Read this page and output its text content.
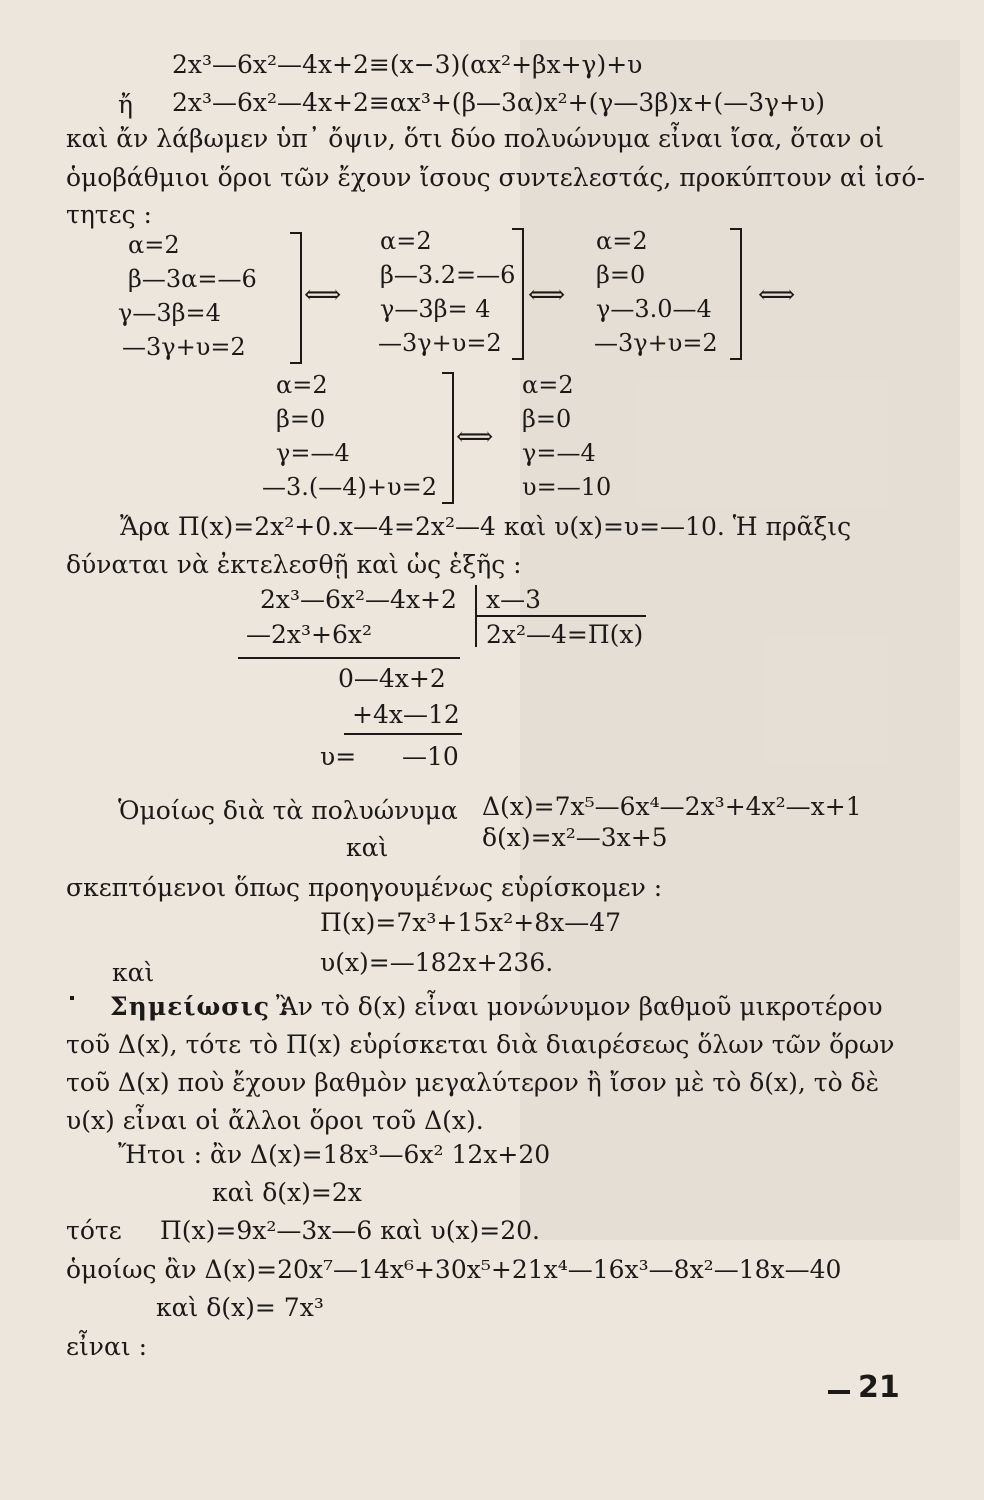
2x³—6x²—4x+2≡(x−3)(αx²+βx+γ)+υ
ἤ 2x³—6x²—4x+2≡αx³+(β—3α)x²+(γ—3β)x+(—3γ+υ)
καὶ ἄν λάβωμεν ὑπ᾽ ὄψιν, ὅτι δύο πολυώνυμα εἶναι ἴσα, ὅταν οἱ
ὁμοβάθμιοι ὅροι τῶν ἔχουν ἴσους συντελεστάς, προκύπτουν αἱ ἰσό-
τητες :
α=2
β—3α=—6
γ—3β=4
—3γ+υ=2
⟺
α=2
β—3.2=—6
γ—3β= 4
—3γ+υ=2
⟺
α=2
β=0
γ—3.0—4
—3γ+υ=2
⟺
α=2
β=0
γ=—4
—3.(—4)+υ=2
⟺
α=2
β=0
γ=—4
υ=—10
Ἄρα Π(x)=2x²+0.x—4=2x²—4 καὶ υ(x)=υ=—10. Ἡ πρᾶξις
δύναται νὰ ἐκτελεσθῇ καὶ ὡς ἑξῆς :
2x³—6x²—4x+2 x—3
—2x³+6x²	2x²—4=Π(x)
0—4x+2
+4x—12
υ= —10
Ὁμοίως διὰ τὰ πολυώνυμα Δ(x)=7x⁵—6x⁴—2x³+4x²—x+1
καὶ	δ(x)=x²—3x+5
σκεπτόμενοι ὅπως προηγουμένως εὑρίσκομεν :
Π(x)=7x³+15x²+8x—47
καὶ	υ(x)=—182x+236.
Σημείωσις :
Ἂν τὸ δ(x) εἶναι μονώνυμον βαθμοῦ μικροτέρου
τοῦ Δ(x), τότε τὸ Π(x) εὑρίσκεται διὰ διαιρέσεως ὅλων τῶν ὅρων
τοῦ Δ(x) ποὺ ἔχουν βαθμὸν μεγαλύτερον ἢ ἴσον μὲ τὸ δ(x), τὸ δὲ
υ(x) εἶναι οἱ ἄλλοι ὅροι τοῦ Δ(x).
Ἤτοι : ἂν Δ(x)=18x³—6x² 12x+20
καὶ δ(x)=2x
τότε Π(x)=9x²—3x—6 καὶ υ(x)=20.
ὁμοίως ἂν Δ(x)=20x⁷—14x⁶+30x⁵+21x⁴—16x³—8x²—18x—40
καὶ δ(x)= 7x³
εἶναι :
21
